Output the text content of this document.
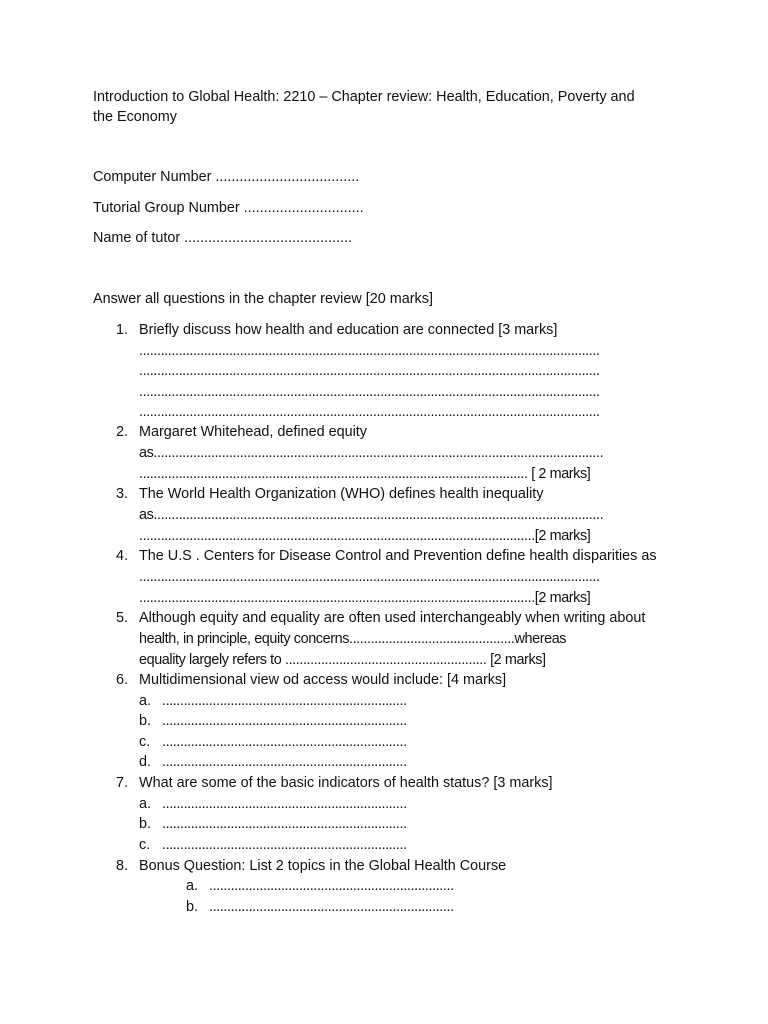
Introduction to Global Health: 2210 – Chapter review: Health, Education, Poverty and
the Economy
Computer Number ....................................
Tutorial Group Number ..............................
Name of tutor ..........................................
Answer all questions in the chapter review [20 marks]
1. Briefly discuss how health and education are connected [3 marks]
................................................................................................................................
................................................................................................................................
................................................................................................................................
................................................................................................................................
2. Margaret Whitehead, defined equity
as.............................................................................................................................
............................................................................................................ [ 2 marks]
3. The World Health Organization (WHO) defines health inequality
as.............................................................................................................................
..............................................................................................................[2 marks]
4. The U.S . Centers for Disease Control and Prevention define health disparities as
................................................................................................................................
..............................................................................................................[2 marks]
5. Although equity and equality are often used interchangeably when writing about
health, in principle, equity concerns..............................................whereas
equality largely refers to ........................................................ [2 marks]
6. Multidimensional view od access would include: [4 marks]
a. ....................................................................
b. ....................................................................
c. ....................................................................
d. ....................................................................
7. What are some of the basic indicators of health status? [3 marks]
a. ....................................................................
b. ....................................................................
c. ....................................................................
8. Bonus Question: List 2 topics in the Global Health Course
a. ....................................................................
b. ....................................................................
